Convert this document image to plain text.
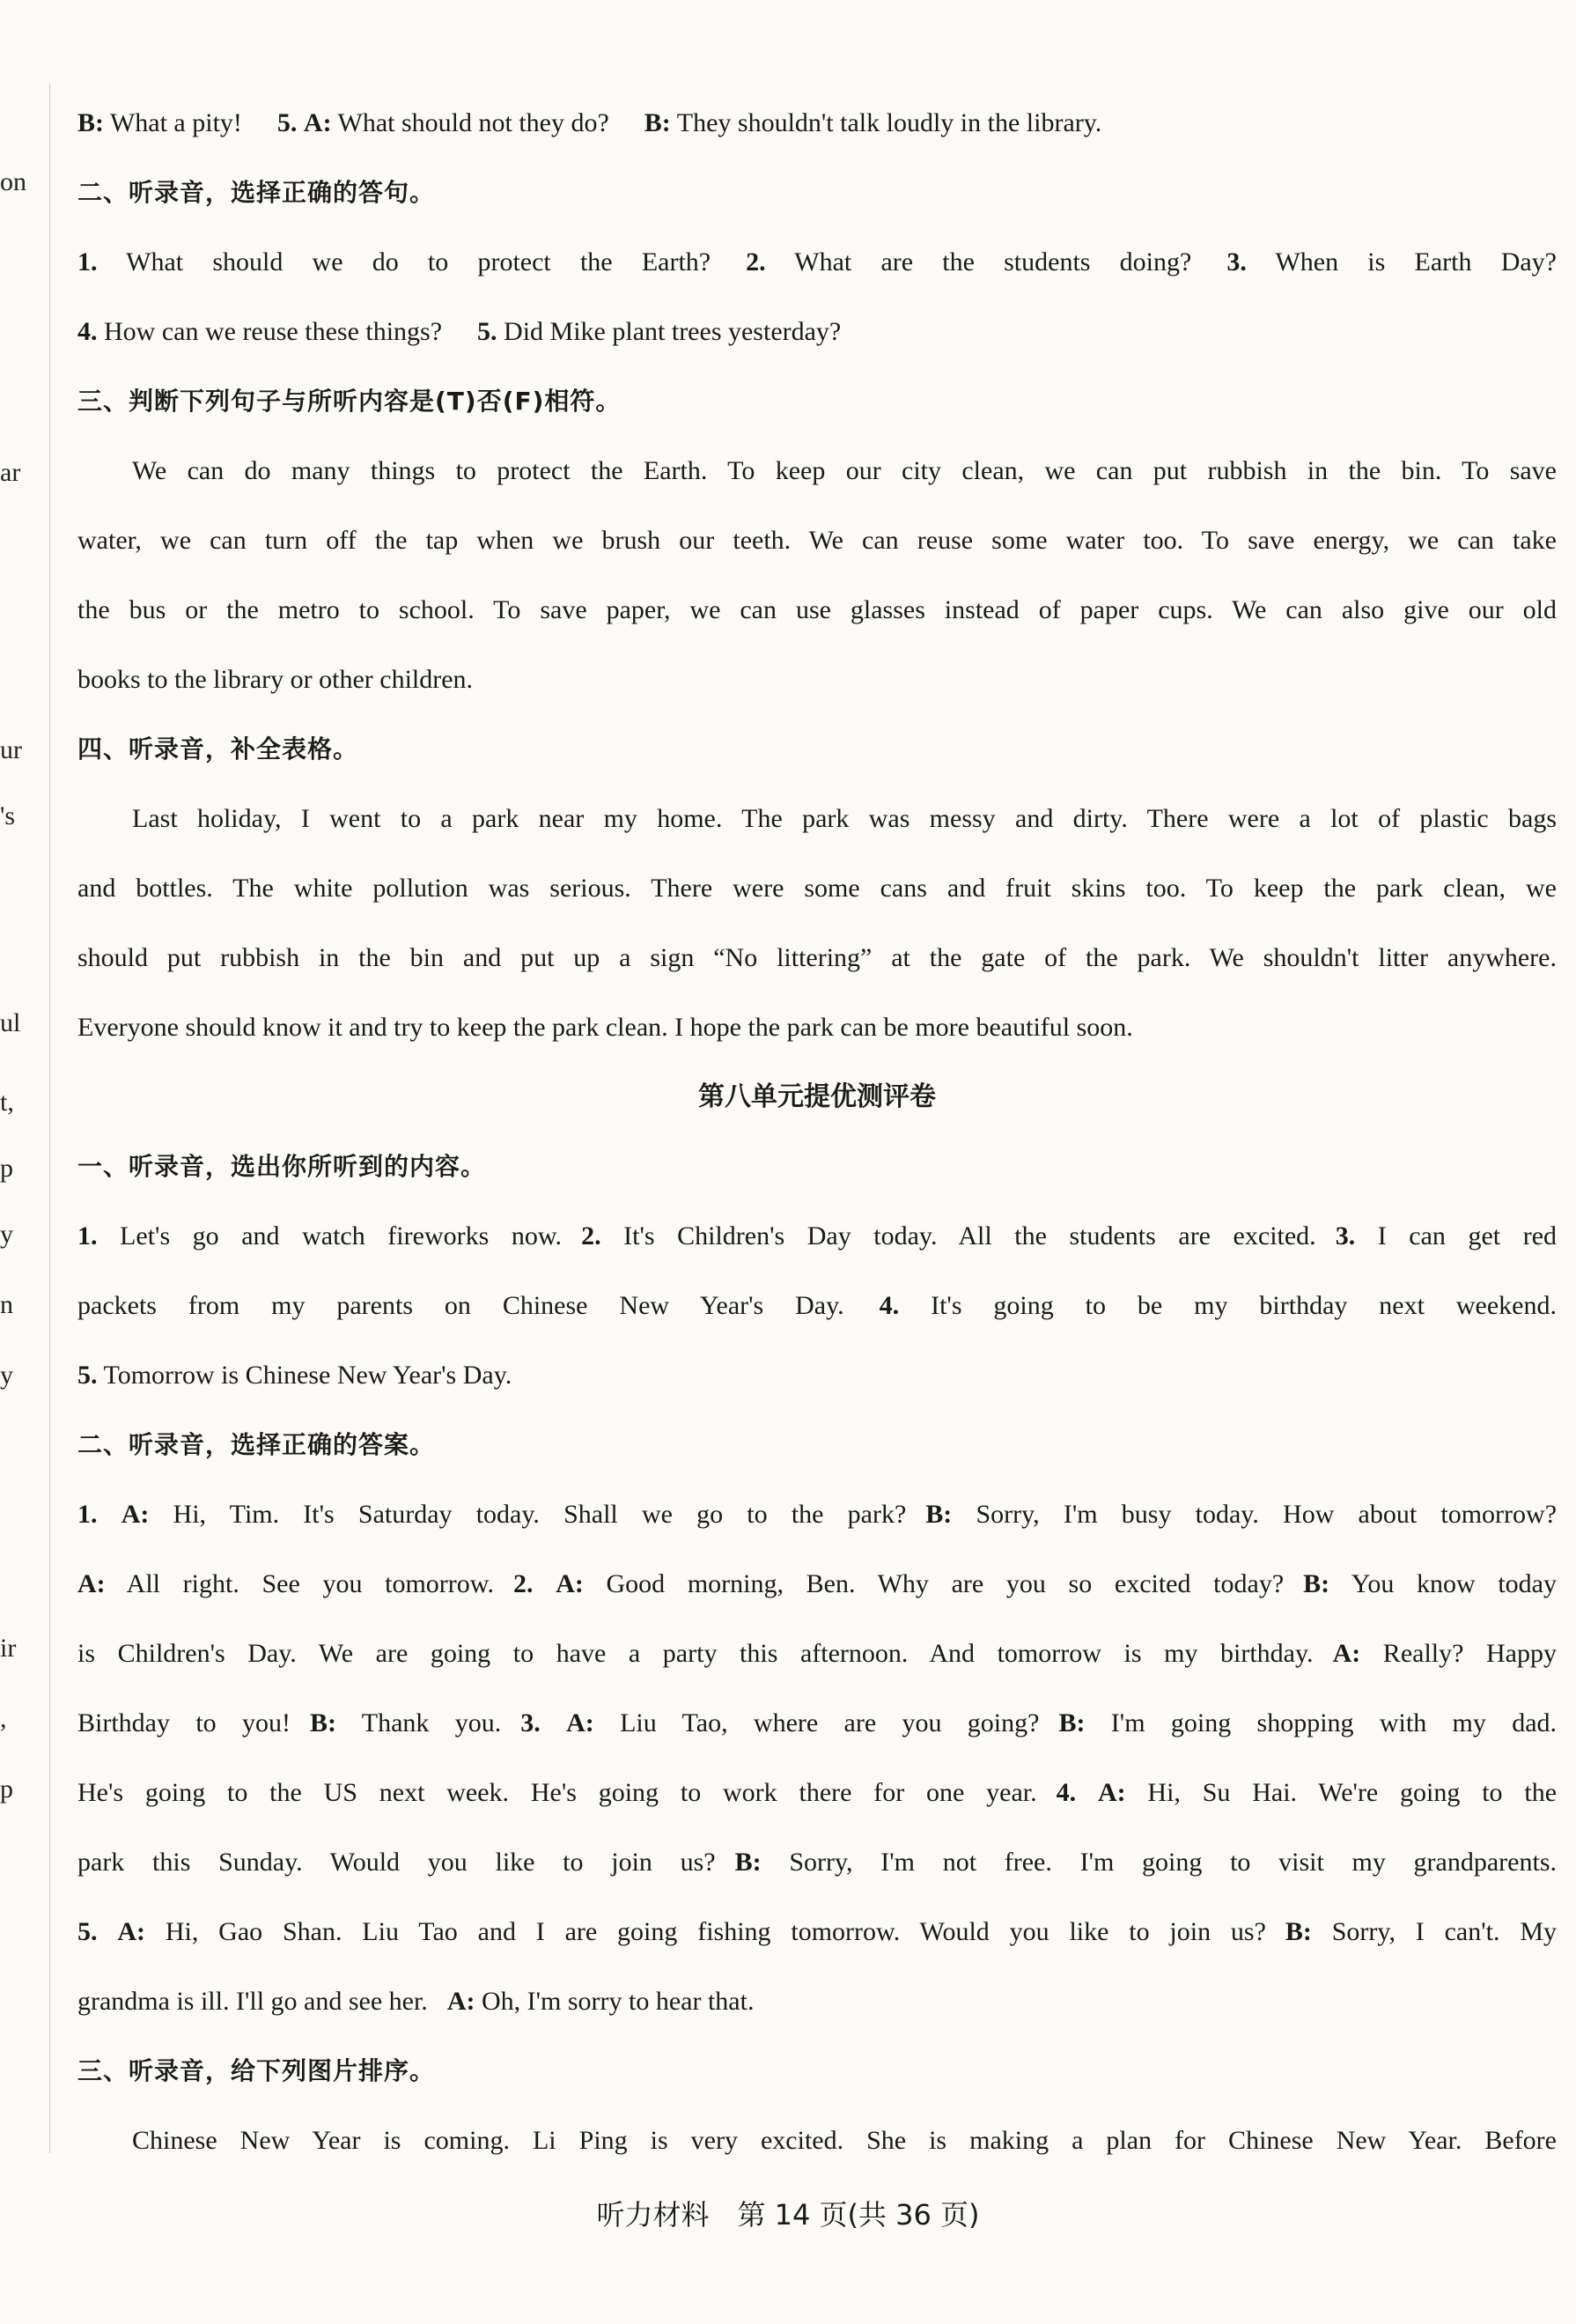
on
ar
ur
's
ul
t,
p
y
n
y
ir
,
p
B: What a pity! 5. A: What should not they do? B: They shouldn't talk loudly in the library.
二、听录音，选择正确的答句。
1. What should we do to protect the Earth? 2. What are the students doing? 3. When is Earth Day?
4. How can we reuse these things? 5. Did Mike plant trees yesterday?
三、判断下列句子与所听内容是(T)否(F)相符。
We can do many things to protect the Earth. To keep our city clean, we can put rubbish in the bin. To save
water, we can turn off the tap when we brush our teeth. We can reuse some water too. To save energy, we can take
the bus or the metro to school. To save paper, we can use glasses instead of paper cups. We can also give our old
books to the library or other children.
四、听录音，补全表格。
Last holiday, I went to a park near my home. The park was messy and dirty. There were a lot of plastic bags
and bottles. The white pollution was serious. There were some cans and fruit skins too. To keep the park clean, we
should put rubbish in the bin and put up a sign “No littering” at the gate of the park. We shouldn't litter anywhere.
Everyone should know it and try to keep the park clean. I hope the park can be more beautiful soon.
第八单元提优测评卷
一、听录音，选出你所听到的内容。
1. Let's go and watch fireworks now. 2. It's Children's Day today. All the students are excited. 3. I can get red
packets from my parents on Chinese New Year's Day. 4. It's going to be my birthday next weekend.
5. Tomorrow is Chinese New Year's Day.
二、听录音，选择正确的答案。
1. A: Hi, Tim. It's Saturday today. Shall we go to the park? B: Sorry, I'm busy today. How about tomorrow?
A: All right. See you tomorrow. 2. A: Good morning, Ben. Why are you so excited today? B: You know today
is Children's Day. We are going to have a party this afternoon. And tomorrow is my birthday. A: Really? Happy
Birthday to you! B: Thank you. 3. A: Liu Tao, where are you going? B: I'm going shopping with my dad.
He's going to the US next week. He's going to work there for one year. 4. A: Hi, Su Hai. We're going to the
park this Sunday. Would you like to join us? B: Sorry, I'm not free. I'm going to visit my grandparents.
5. A: Hi, Gao Shan. Liu Tao and I are going fishing tomorrow. Would you like to join us? B: Sorry, I can't. My
grandma is ill. I'll go and see her. A: Oh, I'm sorry to hear that.
三、听录音，给下列图片排序。
Chinese New Year is coming. Li Ping is very excited. She is making a plan for Chinese New Year. Before
听力材料　第 14 页(共 36 页)
